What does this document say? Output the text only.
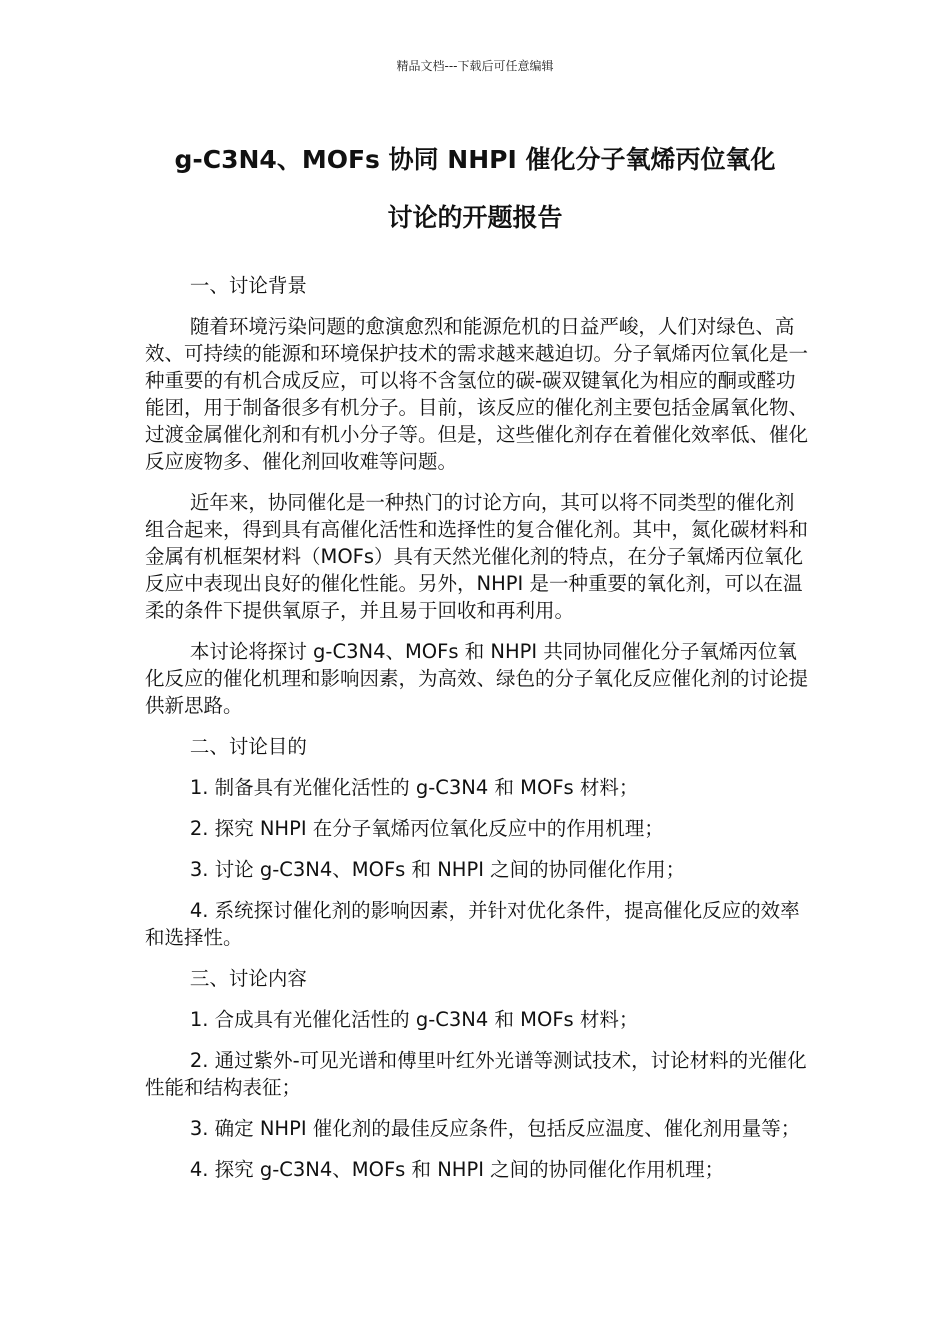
精品文档---下载后可任意编辑
g-C3N4、MOFs 协同 NHPI 催化分子氧烯丙位氧化
讨论的开题报告

一、讨论背景

随着环境污染问题的愈演愈烈和能源危机的日益严峻，人们对绿色、高效、可持续的能源和环境保护技术的需求越来越迫切。分子氧烯丙位氧化是一种重要的有机合成反应，可以将不含氢位的碳-碳双键氧化为相应的酮或醛功能团，用于制备很多有机分子。目前，该反应的催化剂主要包括金属氧化物、过渡金属催化剂和有机小分子等。但是，这些催化剂存在着催化效率低、催化反应废物多、催化剂回收难等问题。

近年来，协同催化是一种热门的讨论方向，其可以将不同类型的催化剂组合起来，得到具有高催化活性和选择性的复合催化剂。其中，氮化碳材料和金属有机框架材料（MOFs）具有天然光催化剂的特点，在分子氧烯丙位氧化反应中表现出良好的催化性能。另外，NHPI 是一种重要的氧化剂，可以在温柔的条件下提供氧原子，并且易于回收和再利用。

本讨论将探讨 g-C3N4、MOFs 和 NHPI 共同协同催化分子氧烯丙位氧化反应的催化机理和影响因素，为高效、绿色的分子氧化反应催化剂的讨论提供新思路。

二、讨论目的

1. 制备具有光催化活性的 g-C3N4 和 MOFs 材料；

2. 探究 NHPI 在分子氧烯丙位氧化反应中的作用机理；

3. 讨论 g-C3N4、MOFs 和 NHPI 之间的协同催化作用；

4. 系统探讨催化剂的影响因素，并针对优化条件，提高催化反应的效率和选择性。

三、讨论内容

1. 合成具有光催化活性的 g-C3N4 和 MOFs 材料；

2. 通过紫外-可见光谱和傅里叶红外光谱等测试技术，讨论材料的光催化性能和结构表征；

3. 确定 NHPI 催化剂的最佳反应条件，包括反应温度、催化剂用量等；

4. 探究 g-C3N4、MOFs 和 NHPI 之间的协同催化作用机理；
